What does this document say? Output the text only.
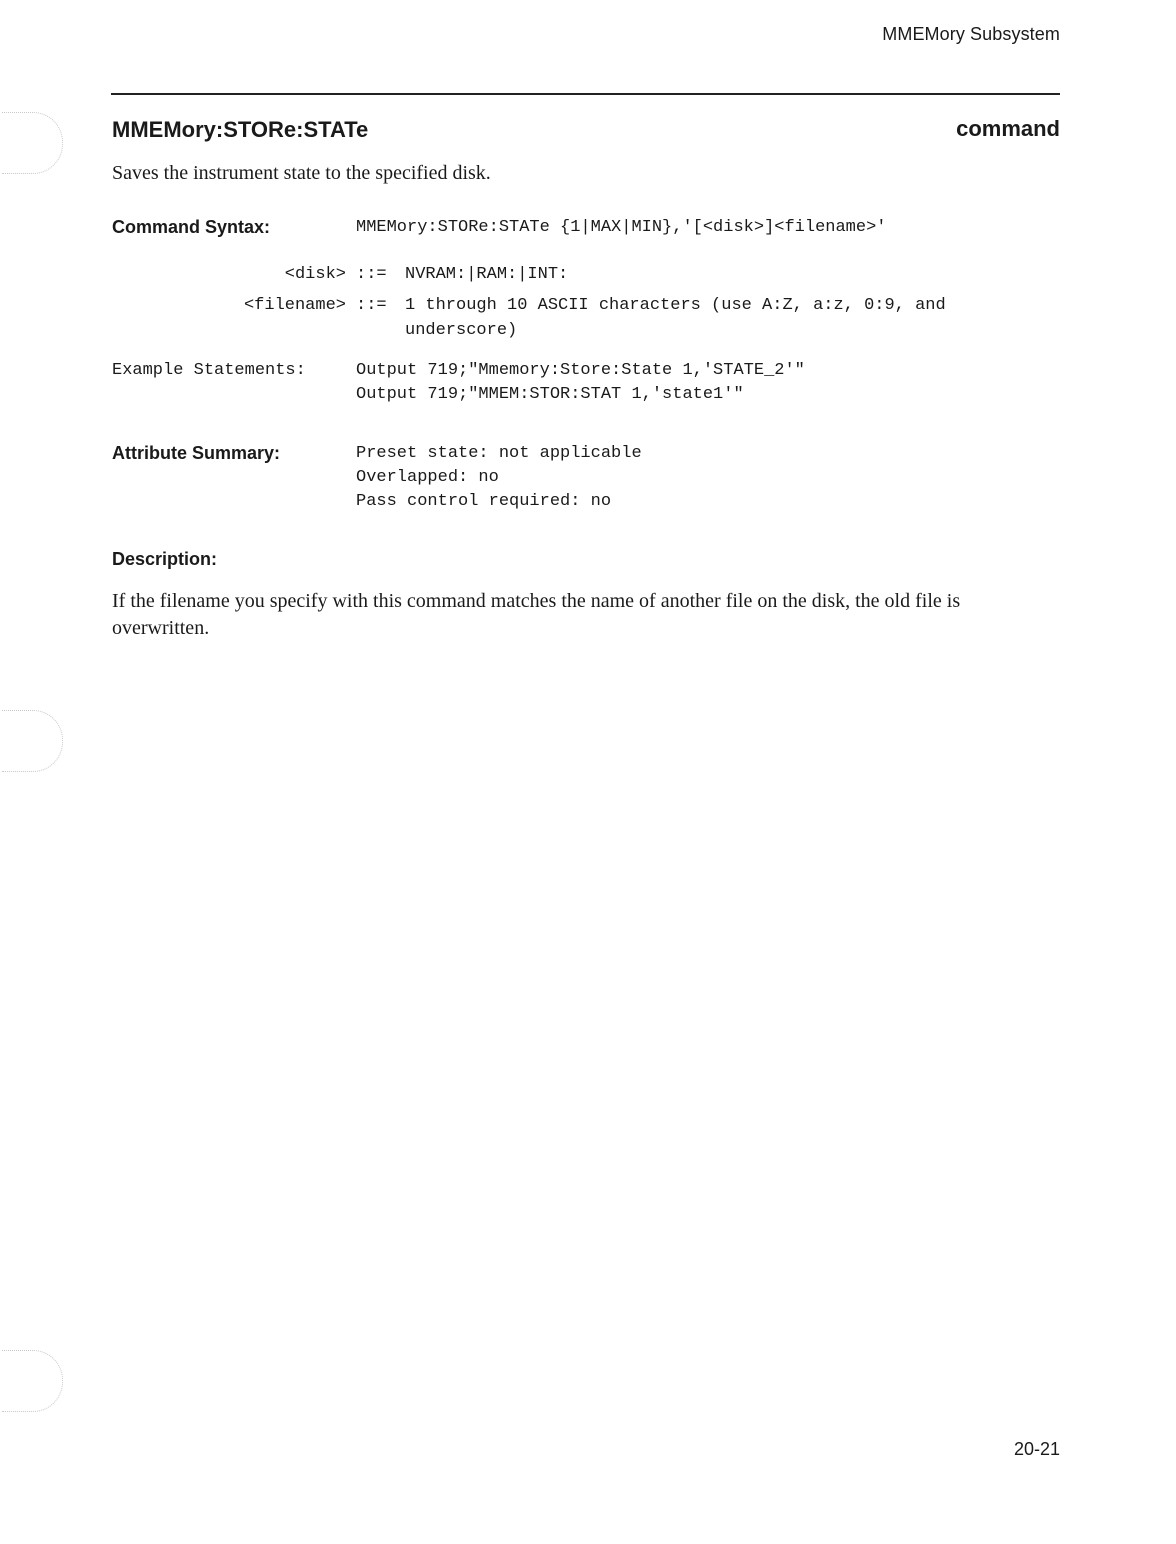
MMEMory Subsystem
MMEMory:STORe:STATe	command
Saves the instrument state to the specified disk.
Command Syntax:	MMEMory:STORe:STATe {1|MAX|MIN},'[<disk>]<filename>'
<disk> ::= NVRAM:|RAM:|INT:
<filename> ::= 1 through 10 ASCII characters (use A:Z, a:z, 0:9, and
underscore)
Example Statements:	Output 719;"Mmemory:Store:State 1,'STATE_2'"
Output 719;"MMEM:STOR:STAT 1,'state1'"
Attribute Summary:	Preset state: not applicable
Overlapped: no
Pass control required: no
Description:
If the filename you specify with this command matches the name of another file on the disk, the old file is overwritten.
20-21
